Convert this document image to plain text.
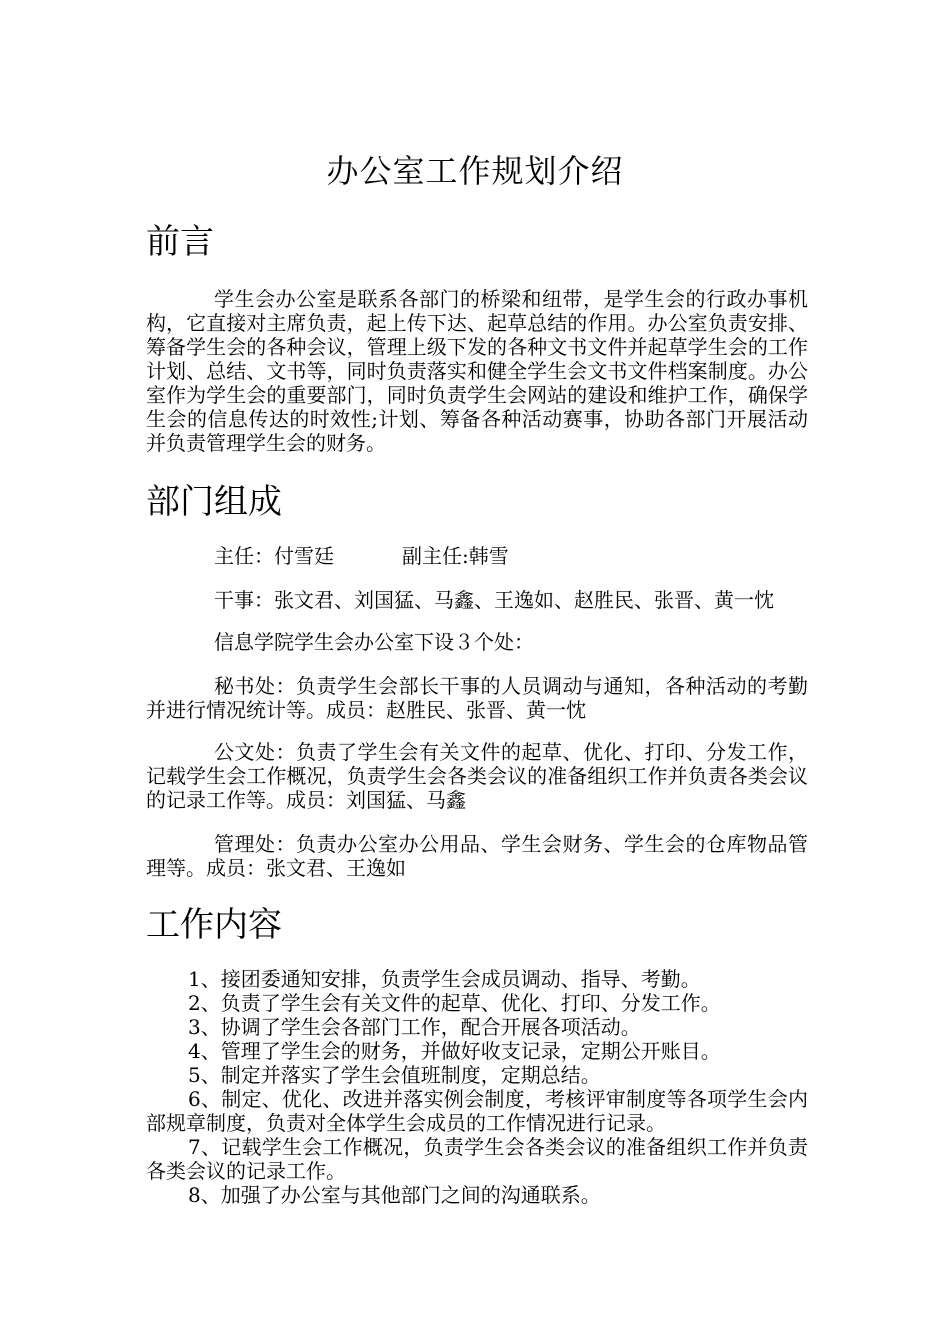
办公室工作规划介绍
前言

学生会办公室是联系各部门的桥梁和纽带，是学生会的行政办事机构，它直接对主席负责，起上传下达、起草总结的作用。办公室负责安排、筹备学生会的各种会议，管理上级下发的各种文书文件并起草学生会的工作计划、总结、文书等，同时负责落实和健全学生会文书文件档案制度。办公室作为学生会的重要部门，同时负责学生会网站的建设和维护工作，确保学生会的信息传达的时效性;计划、筹备各种活动赛事，协助各部门开展活动并负责管理学生会的财务。

部门组成
主任：付雪廷	副主任:韩雪
干事：张文君、刘国猛、马鑫、王逸如、赵胜民、张晋、黄一忱
信息学院学生会办公室下设３个处：

秘书处：负责学生会部长干事的人员调动与通知，各种活动的考勤并进行情况统计等。成员：赵胜民、张晋、黄一忱

公文处：负责了学生会有关文件的起草、优化、打印、分发工作，记载学生会工作概况，负责学生会各类会议的准备组织工作并负责各类会议的记录工作等。成员：刘国猛、马鑫

管理处：负责办公室办公用品、学生会财务、学生会的仓库物品管理等。成员：张文君、王逸如

工作内容
1、接团委通知安排，负责学生会成员调动、指导、考勤。
2、负责了学生会有关文件的起草、优化、打印、分发工作。
3、协调了学生会各部门工作，配合开展各项活动。
4、管理了学生会的财务，并做好收支记录，定期公开账目。
5、制定并落实了学生会值班制度，定期总结。
6、制定、优化、改进并落实例会制度，考核评审制度等各项学生会内部规章制度，负责对全体学生会成员的工作情况进行记录。
7、记载学生会工作概况，负责学生会各类会议的准备组织工作并负责各类会议的记录工作。
8、加强了办公室与其他部门之间的沟通联系。
